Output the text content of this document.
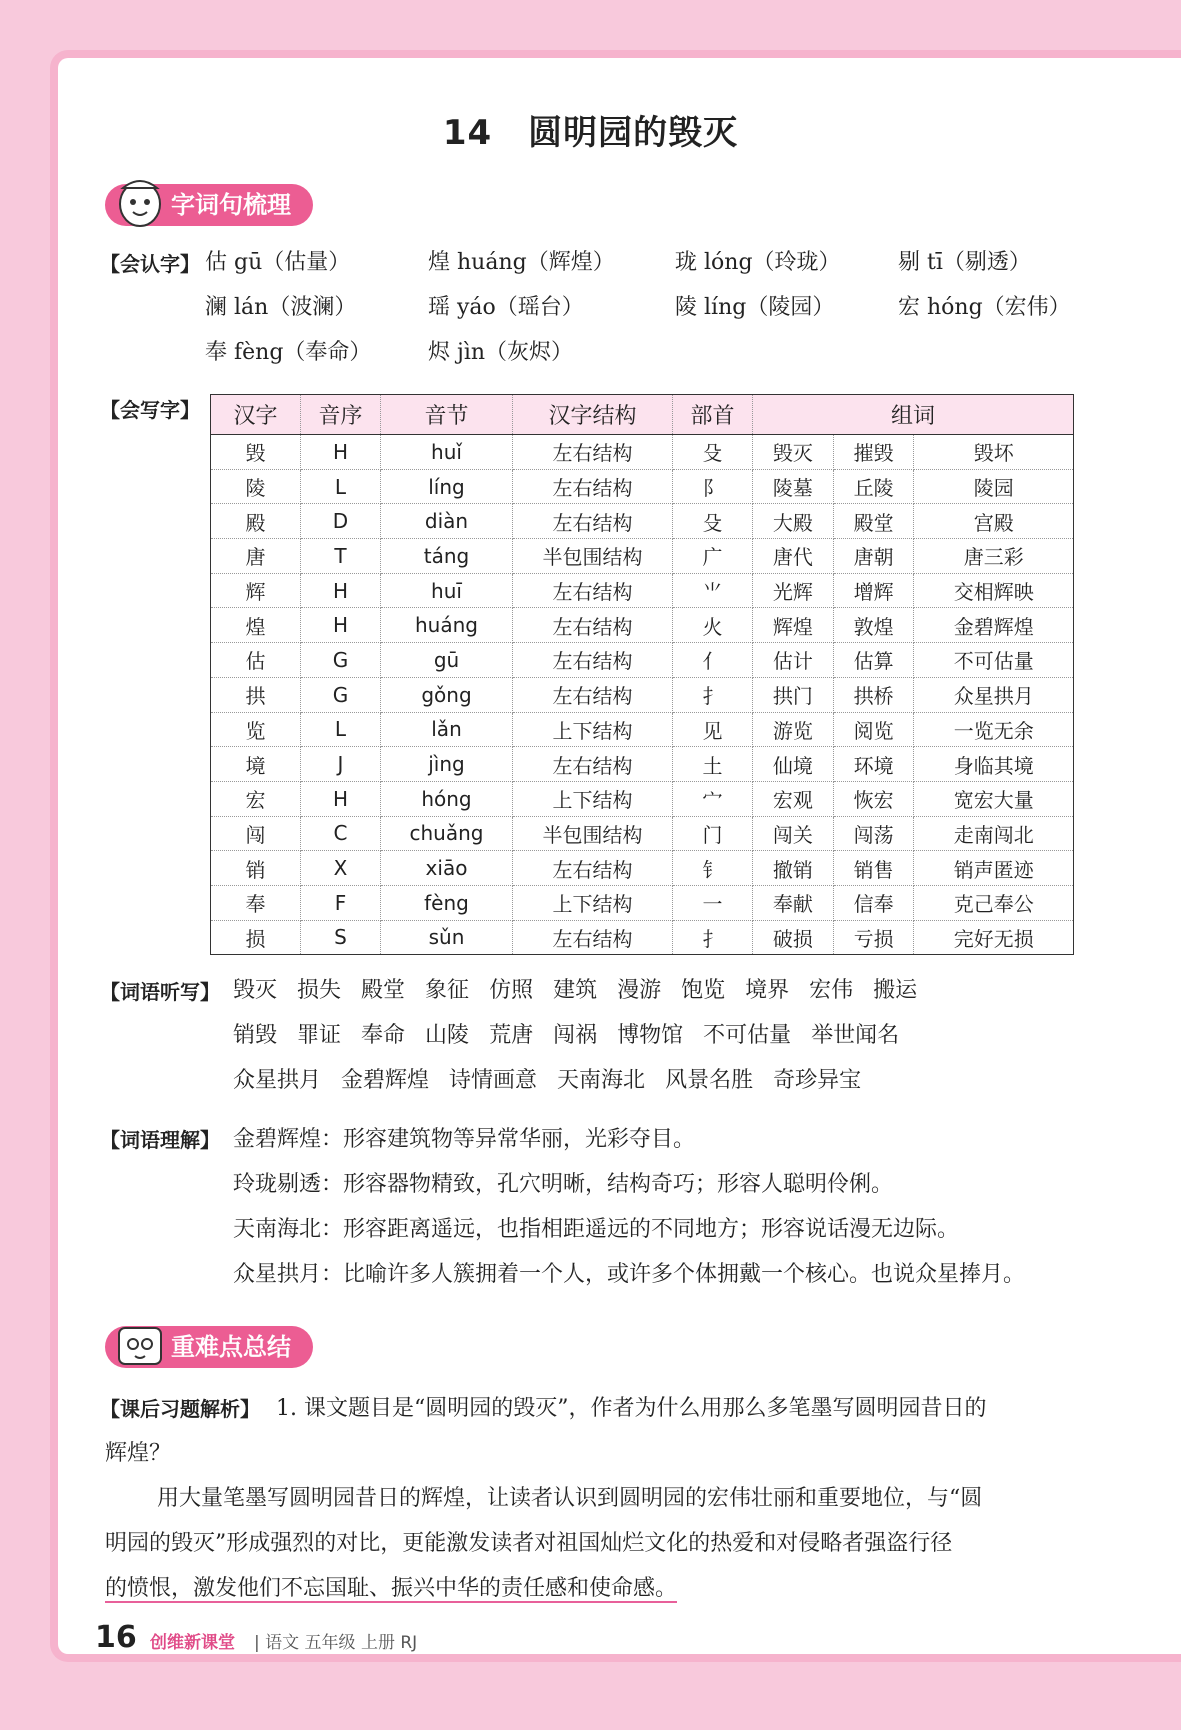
14 圆明园的毁灭
字词句梳理
【会认字】 估 gū（估量）	煌 huáng（辉煌）	珑 lóng（玲珑）	剔 tī（剔透）
澜 lán（波澜）	瑶 yáo（瑶台）	陵 líng（陵园）	宏 hóng（宏伟）
奉 fèng（奉命）	烬 jìn（灰烬）
【会写字】 汉字	音序	音节	汉字结构	部首	组词		
毁	H	huǐ	左右结构	殳	毁灭	摧毁	毁坏
陵	L	líng	左右结构	阝	陵墓	丘陵	陵园
殿	D	diàn	左右结构	殳	大殿	殿堂	宫殿
唐	T	táng	半包围结构	广	唐代	唐朝	唐三彩
辉	H	huī	左右结构	⺌	光辉	增辉	交相辉映
煌	H	huáng	左右结构	火	辉煌	敦煌	金碧辉煌
估	G	gū	左右结构	亻	估计	估算	不可估量
拱	G	gǒng	左右结构	扌	拱门	拱桥	众星拱月
览	L	lǎn	上下结构	见	游览	阅览	一览无余
境	J	jìng	左右结构	土	仙境	环境	身临其境
宏	H	hóng	上下结构	宀	宏观	恢宏	宽宏大量
闯	C	chuǎng	半包围结构	门	闯关	闯荡	走南闯北
销	X	xiāo	左右结构	钅	撤销	销售	销声匿迹
奉	F	fèng	上下结构	一	奉献	信奉	克己奉公
损	S	sǔn	左右结构	扌	破损	亏损	完好无损
【词语听写】 毁灭 损失 殿堂 象征 仿照 建筑 漫游 饱览 境界 宏伟 搬运
销毁 罪证 奉命 山陵 荒唐 闯祸 博物馆 不可估量 举世闻名
众星拱月 金碧辉煌 诗情画意 天南海北 风景名胜 奇珍异宝
【词语理解】 金碧辉煌：形容建筑物等异常华丽，光彩夺目。
玲珑剔透：形容器物精致，孔穴明晰，结构奇巧；形容人聪明伶俐。
天南海北：形容距离遥远，也指相距遥远的不同地方；形容说话漫无边际。
众星拱月：比喻许多人簇拥着一个人，或许多个体拥戴一个核心。也说众星捧月。
重难点总结
【课后习题解析】 1. 课文题目是“圆明园的毁灭”，作者为什么用那么多笔墨写圆明园昔日的
辉煌？
用大量笔墨写圆明园昔日的辉煌，让读者认识到圆明园的宏伟壮丽和重要地位，与“圆
明园的毁灭”形成强烈的对比，更能激发读者对祖国灿烂文化的热爱和对侵略者强盗行径
的愤恨，激发他们不忘国耻、振兴中华的责任感和使命感。
16 创维新课堂 | 语文 五年级 上册 RJ
